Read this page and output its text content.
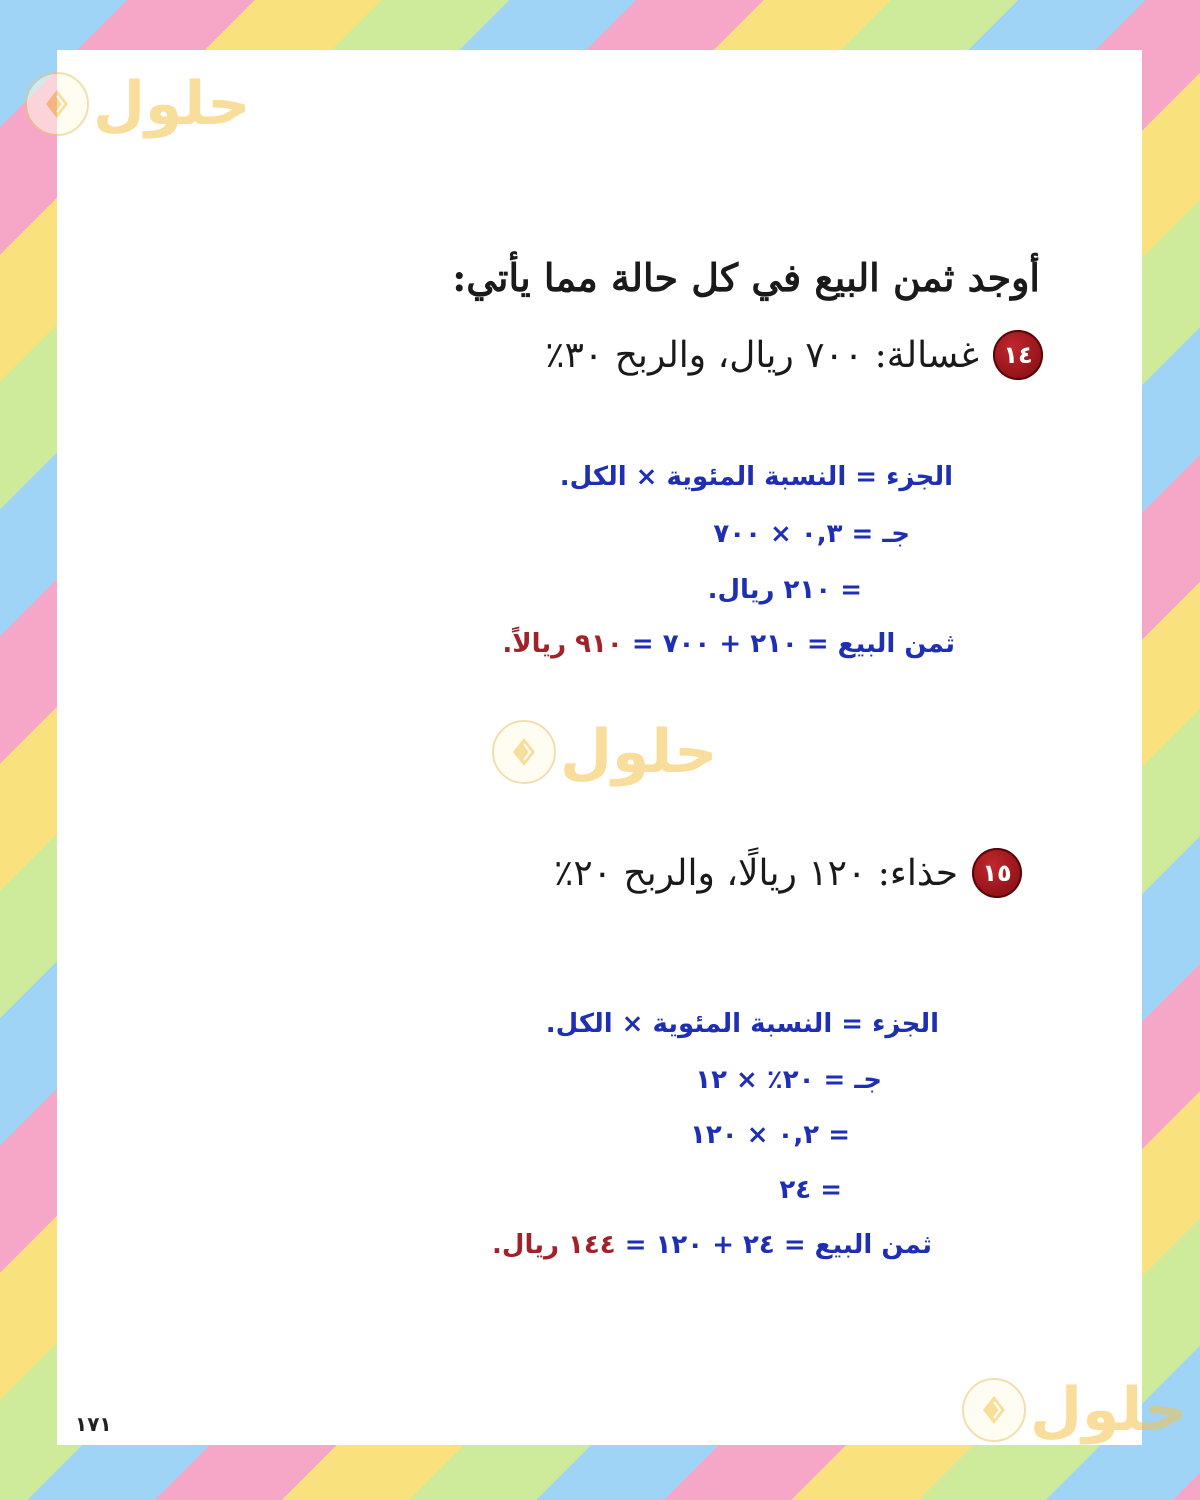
حلول
حلول
حلول
أوجد ثمن البيع في كل حالة مما يأتي:
١٤
غسالة: ٧٠٠ ريال، والربح ٣٠٪
الجزء = النسبة المئوية × الكل.
جـ = ٠,٣ × ٧٠٠
= ٢١٠ ريال.
ثمن البيع = ٢١٠ + ٧٠٠ = ٩١٠ ريالاً.
١٥
حذاء: ١٢٠ ريالًا، والربح ٢٠٪
الجزء = النسبة المئوية × الكل.
جـ = ٢٠٪ × ١٢
= ٠,٢ × ١٢٠
= ٢٤
ثمن البيع = ٢٤ + ١٢٠ = ١٤٤ ريال.
١٧١
